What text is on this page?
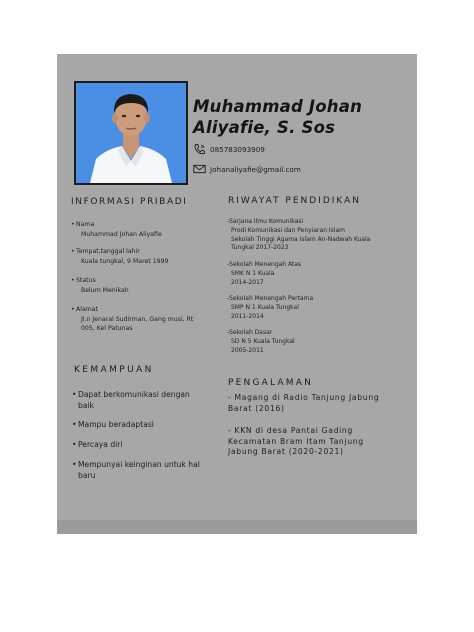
Muhammad Johan
Aliyafie, S. Sos
085783093909
Johanaliyafie@gmail.com
INFORMASI PRIBADI
• Nama
Muhammad Johan Aliyafie
• Tempat,tanggal lahir
Kuala tungkal, 9 Maret 1999
• Status
Belum Menikah
• Alamat
Jl.n Jenaral Sudirman, Gang musi, Rt
005, Kel Patunas
RIWAYAT PENDIDIKAN
-Sarjana Ilmu Komunikasi
Prodi Komunikasi dan Penyiaran Islam
Sekolah Tinggi Agama Islam An-Nadwah Kuala
Tungkal 2017-2023
-Sekolah Menengah Atas
SMK N 1 Kuala
2014-2017
-Sekolah Menengah Pertama
SMP N 1 Kuala Tungkal
2011-2014
-Sekolah Dasar
SD N 5 Kuala Tungkal
2005-2011
KEMAMPUAN
• Dapat berkomunikasi dengan
baik
• Mampu beradaptasi
• Percaya diri
• Mempunyai keinginan untuk hal
baru
PENGALAMAN
- Magang di Radio Tanjung Jabung
Barat (2016)
- KKN di desa Pantai Gading
Kecamatan Bram Itam Tanjung
Jabung Barat (2020-2021)
